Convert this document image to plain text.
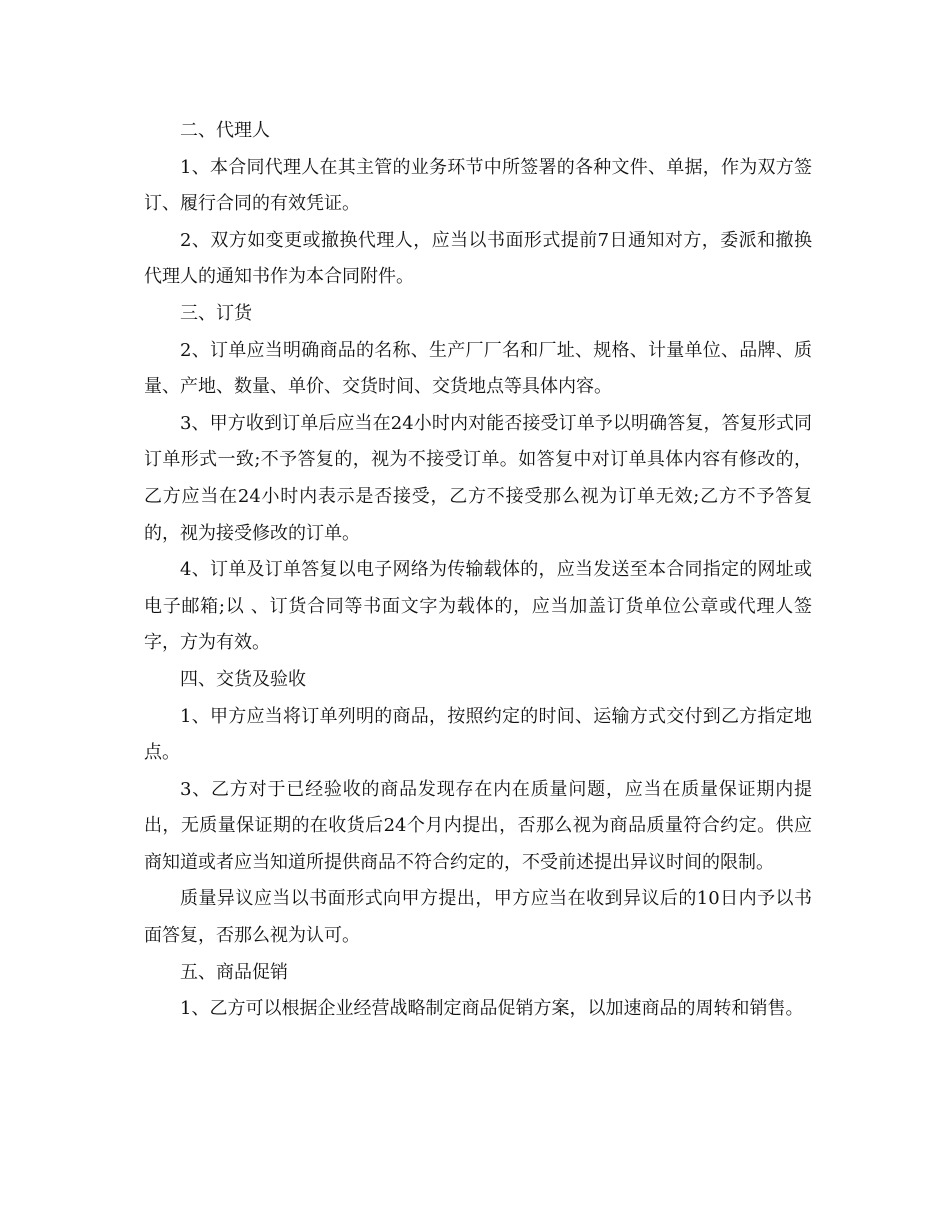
二、代理人

1、本合同代理人在其主管的业务环节中所签署的各种文件、单据，作为双方签订、履行合同的有效凭证。

2、双方如变更或撤换代理人，应当以书面形式提前7日通知对方，委派和撤换代理人的通知书作为本合同附件。

三、订货

2、订单应当明确商品的名称、生产厂厂名和厂址、规格、计量单位、品牌、质量、产地、数量、单价、交货时间、交货地点等具体内容。

3、甲方收到订单后应当在24小时内对能否接受订单予以明确答复，答复形式同订单形式一致;不予答复的，视为不接受订单。如答复中对订单具体内容有修改的，乙方应当在24小时内表示是否接受，乙方不接受那么视为订单无效;乙方不予答复的，视为接受修改的订单。

4、订单及订单答复以电子网络为传输载体的，应当发送至本合同指定的网址或电子邮箱;以 、订货合同等书面文字为载体的，应当加盖订货单位公章或代理人签字，方为有效。

四、交货及验收

1、甲方应当将订单列明的商品，按照约定的时间、运输方式交付到乙方指定地点。

3、乙方对于已经验收的商品发现存在内在质量问题，应当在质量保证期内提出，无质量保证期的在收货后24个月内提出，否那么视为商品质量符合约定。供应商知道或者应当知道所提供商品不符合约定的，不受前述提出异议时间的限制。

质量异议应当以书面形式向甲方提出，甲方应当在收到异议后的10日内予以书面答复，否那么视为认可。

五、商品促销

1、乙方可以根据企业经营战略制定商品促销方案，以加速商品的周转和销售。
